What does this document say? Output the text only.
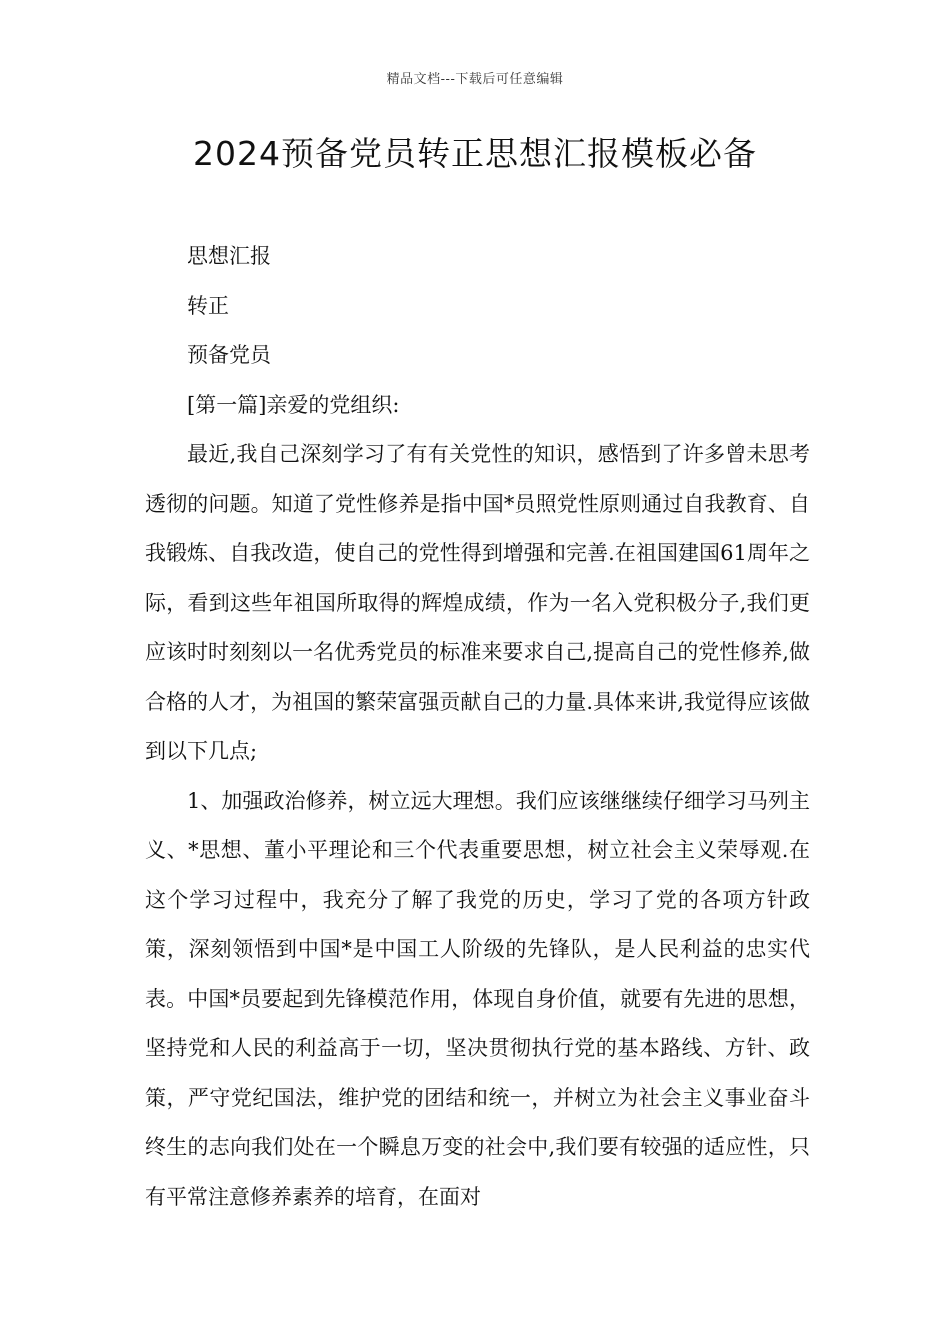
精品文档---下载后可任意编辑
2024预备党员转正思想汇报模板必备

思想汇报

转正

预备党员

[第一篇]亲爱的党组织:

最近,我自己深刻学习了有有关党性的知识，感悟到了许多曾未思考透彻的问题。知道了党性修养是指中国*员照党性原则通过自我教育、自我锻炼、自我改造，使自己的党性得到增强和完善.在祖国建国61周年之际，看到这些年祖国所取得的辉煌成绩，作为一名入党积极分子,我们更应该时时刻刻以一名优秀党员的标准来要求自己,提高自己的党性修养,做合格的人才，为祖国的繁荣富强贡献自己的力量.具体来讲,我觉得应该做到以下几点;

1、加强政治修养，树立远大理想。我们应该继继续仔细学习马列主义、*思想、董小平理论和三个代表重要思想，树立社会主义荣辱观.在这个学习过程中，我充分了解了我党的历史，学习了党的各项方针政策，深刻领悟到中国*是中国工人阶级的先锋队，是人民利益的忠实代表。中国*员要起到先锋模范作用，体现自身价值，就要有先进的思想，坚持党和人民的利益高于一切，坚决贯彻执行党的基本路线、方针、政策，严守党纪国法，维护党的团结和统一，并树立为社会主义事业奋斗终生的志向我们处在一个瞬息万变的社会中,我们要有较强的适应性，只有平常注意修养素养的培育，在面对
